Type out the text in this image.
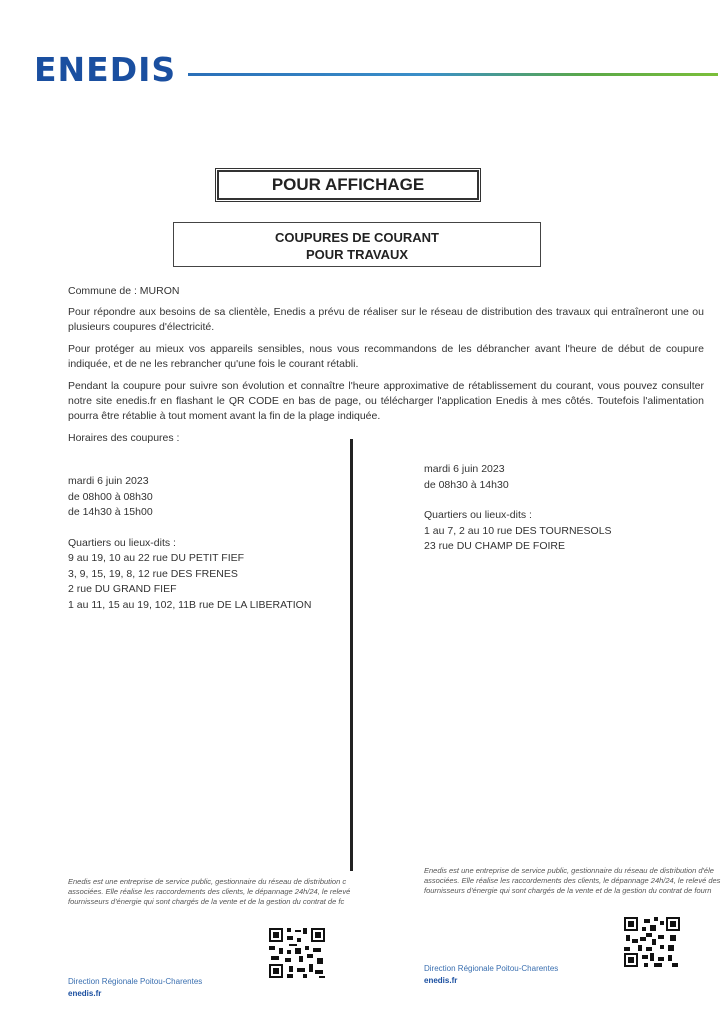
ENEDIS
POUR AFFICHAGE
COUPURES DE COURANT
POUR TRAVAUX
Commune de : MURON
Pour répondre aux besoins de sa clientèle, Enedis a prévu de réaliser sur le réseau de distribution des travaux qui entraîneront une ou plusieurs coupures d'électricité.
Pour protéger au mieux vos appareils sensibles, nous vous recommandons de les débrancher avant l'heure de début de coupure indiquée, et de ne les rebrancher qu'une fois le courant rétabli.
Pendant la coupure pour suivre son évolution et connaître l'heure approximative de rétablissement du courant, vous pouvez consulter notre site enedis.fr en flashant le QR CODE en bas de page, ou télécharger l'application Enedis à mes côtés. Toutefois l'alimentation pourra être rétablie à tout moment avant la fin de la plage indiquée.
Horaires des coupures :
mardi 6 juin 2023
de 08h00 à 08h30
de 14h30 à 15h00
Quartiers ou lieux-dits :
9 au 19, 10 au 22 rue DU PETIT FIEF
3, 9, 15, 19, 8, 12 rue DES FRENES
2 rue DU GRAND FIEF
1 au 11, 15 au 19, 102, 11B rue DE LA LIBERATION
mardi 6 juin 2023
de 08h30 à 14h30
Quartiers ou lieux-dits :
1 au 7, 2 au 10 rue DES TOURNESOLS
23 rue DU CHAMP DE FOIRE
Enedis est une entreprise de service public, gestionnaire du réseau de distribution c
associées. Elle réalise les raccordements des clients, le dépannage 24h/24, le relevé
fournisseurs d'énergie qui sont chargés de la vente et de la gestion du contrat de fc
Enedis est une entreprise de service public, gestionnaire du réseau de distribution d'éle
associées. Elle réalise les raccordements des clients, le dépannage 24h/24, le relevé des
fournisseurs d'énergie qui sont chargés de la vente et de la gestion du contrat de fourn
Direction Régionale Poitou-Charentes
enedis.fr
Direction Régionale Poitou-Charentes
enedis.fr
